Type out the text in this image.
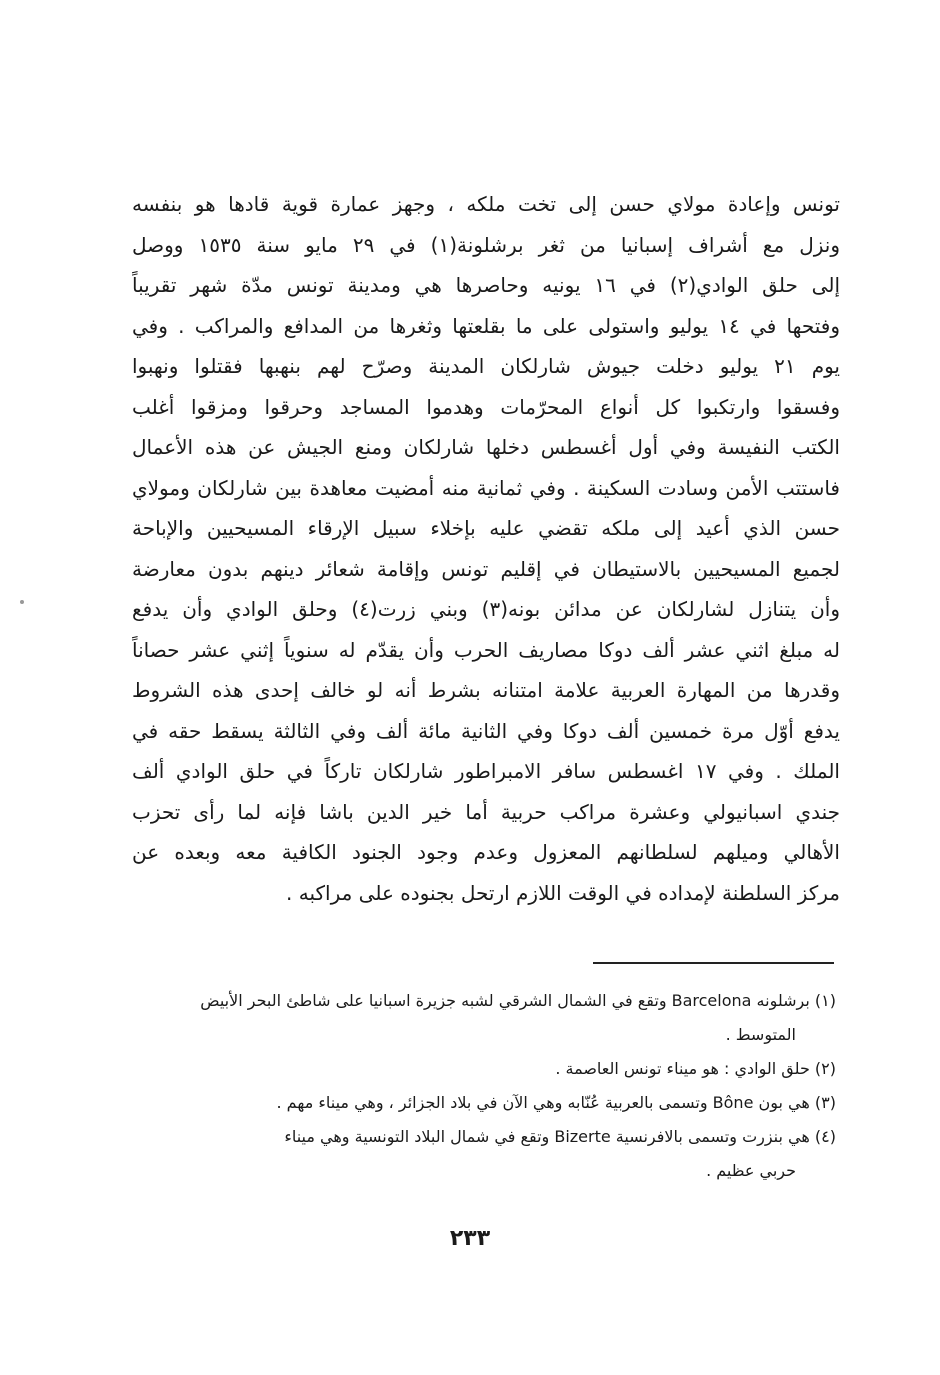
تونس وإعادة مولاي حسن إلى تخت ملكه ، وجهز عمارة قوية قادها هو بنفسه
ونزل مع أشراف إسبانيا من ثغر برشلونة(١) في ٢٩ مايو سنة ١٥٣٥ ووصل
إلى حلق الوادي(٢) في ١٦ يونيه وحاصرها هي ومدينة تونس مدّة شهر تقريباً
وفتحها في ١٤ يوليو واستولى على ما بقلعتها وثغرها من المدافع والمراكب . وفي
يوم ٢١ يوليو دخلت جيوش شارلكان المدينة وصرّح لهم بنهبها فقتلوا ونهبوا
وفسقوا وارتكبوا كل أنواع المحرّمات وهدموا المساجد وحرقوا ومزقوا أغلب
الكتب النفيسة وفي أول أغسطس دخلها شارلكان ومنع الجيش عن هذه الأعمال
فاستتب الأمن وسادت السكينة . وفي ثمانية منه أمضيت معاهدة بين شارلكان ومولاي
حسن الذي أعيد إلى ملكه تقضي عليه بإخلاء سبيل الإرقاء المسيحيين والإباحة
لجميع المسيحيين بالاستيطان في إقليم تونس وإقامة شعائر دينهم بدون معارضة
وأن يتنازل لشارلكان عن مدائن بونه(٣) وبني زرت(٤) وحلق الوادي وأن يدفع
له مبلغ اثني عشر ألف دوكا مصاريف الحرب وأن يقدّم له سنوياً إثني عشر حصاناً
وقدرها من المهارة العربية علامة امتنانه بشرط أنه لو خالف إحدى هذه الشروط
يدفع أوّل مرة خمسين ألف دوكا وفي الثانية مائة ألف وفي الثالثة يسقط حقه في
الملك . وفي ١٧ اغسطس سافر الامبراطور شارلكان تاركاً في حلق الوادي ألف
جندي اسبانيولي وعشرة مراكب حربية أما خير الدين باشا فإنه لما رأى تحزب
الأهالي وميلهم لسلطانهم المعزول وعدم وجود الجنود الكافية معه وبعده عن
مركز السلطنة لإمداده في الوقت اللازم ارتحل بجنوده على مراكبه .
(١) برشلونه Barcelona وتقع في الشمال الشرقي لشبه جزيرة اسبانيا على شاطئ البحر الأبيض
المتوسط .
(٢) حلق الوادي : هو ميناء تونس العاصمة .
(٣) هي بون Bône وتسمى بالعربية عُنّابه وهي الآن في بلاد الجزائر ، وهي ميناء مهم .
(٤) هي بنزرت وتسمى بالافرنسية Bizerte وتقع في شمال البلاد التونسية وهي ميناء
حربي عظيم .
٢٣٣
